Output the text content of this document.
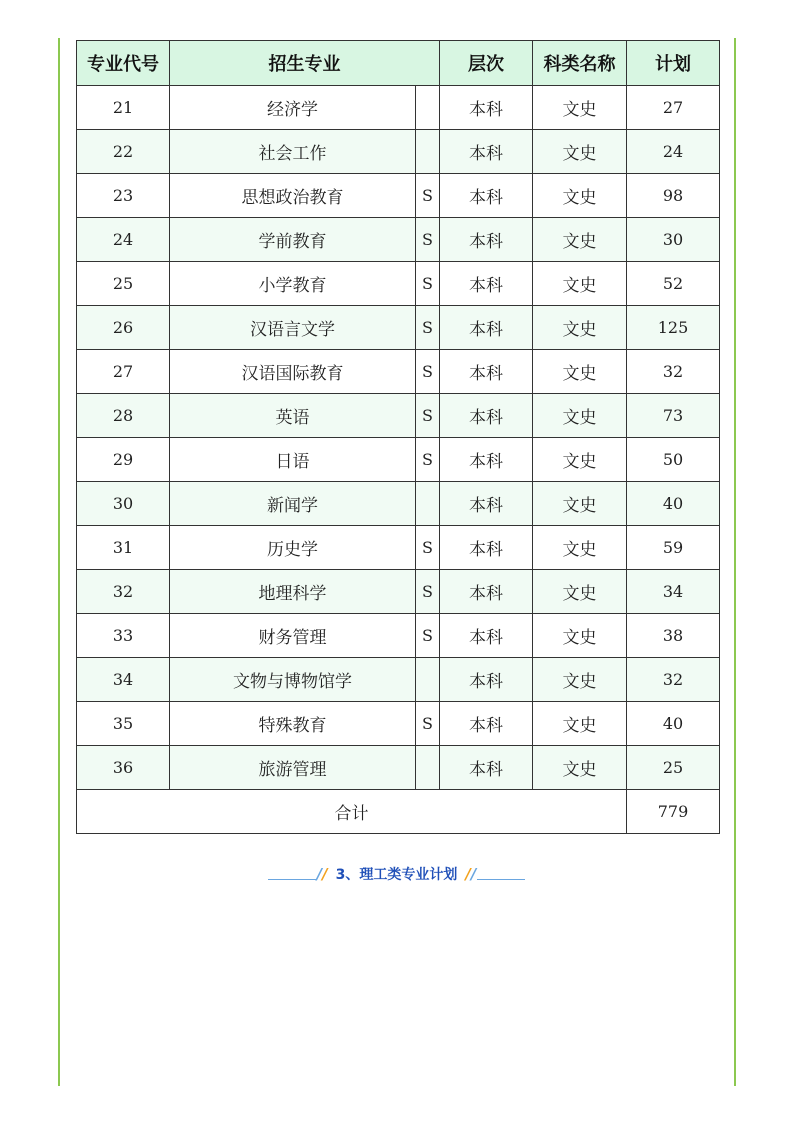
专业代号	招生专业		层次	科类名称	计划
21	经济学		本科	文史	27
22	社会工作		本科	文史	24
23	思想政治教育	S	本科	文史	98
24	学前教育	S	本科	文史	30
25	小学教育	S	本科	文史	52
26	汉语言文学	S	本科	文史	125
27	汉语国际教育	S	本科	文史	32
28	英语	S	本科	文史	73
29	日语	S	本科	文史	50
30	新闻学		本科	文史	40
31	历史学	S	本科	文史	59
32	地理科学	S	本科	文史	34
33	财务管理	S	本科	文史	38
34	文物与博物馆学		本科	文史	32
35	特殊教育	S	本科	文史	40
36	旅游管理		本科	文史	25
合计					779
// 3、理工类专业计划 //
